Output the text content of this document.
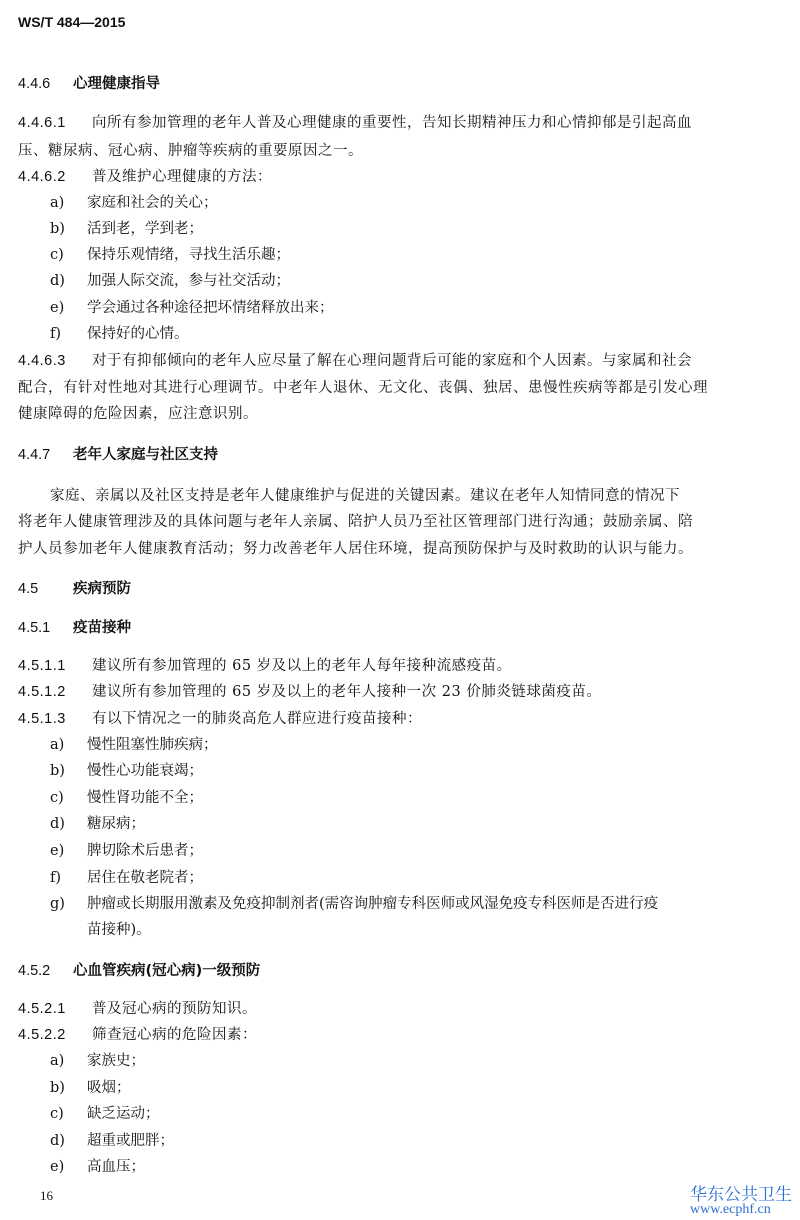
WS/T 484—2015
4.4.6 心理健康指导
4.4.6.1 向所有参加管理的老年人普及心理健康的重要性，告知长期精神压力和心情抑郁是引起高血
压、糖尿病、冠心病、肿瘤等疾病的重要原因之一。
4.4.6.2 普及维护心理健康的方法：
a) 家庭和社会的关心；
b) 活到老，学到老；
c) 保持乐观情绪，寻找生活乐趣；
d) 加强人际交流，参与社交活动；
e) 学会通过各种途径把坏情绪释放出来；
f) 保持好的心情。
4.4.6.3 对于有抑郁倾向的老年人应尽量了解在心理问题背后可能的家庭和个人因素。与家属和社会
配合，有针对性地对其进行心理调节。中老年人退休、无文化、丧偶、独居、患慢性疾病等都是引发心理
健康障碍的危险因素，应注意识别。
4.4.7 老年人家庭与社区支持
家庭、亲属以及社区支持是老年人健康维护与促进的关键因素。建议在老年人知情同意的情况下
将老年人健康管理涉及的具体问题与老年人亲属、陪护人员乃至社区管理部门进行沟通；鼓励亲属、陪
护人员参加老年人健康教育活动；努力改善老年人居住环境，提高预防保护与及时救助的认识与能力。
4.5 疾病预防
4.5.1 疫苗接种
4.5.1.1 建议所有参加管理的 65 岁及以上的老年人每年接种流感疫苗。
4.5.1.2 建议所有参加管理的 65 岁及以上的老年人接种一次 23 价肺炎链球菌疫苗。
4.5.1.3 有以下情况之一的肺炎高危人群应进行疫苗接种：
a) 慢性阻塞性肺疾病；
b) 慢性心功能衰竭；
c) 慢性肾功能不全；
d) 糖尿病；
e) 脾切除术后患者；
f) 居住在敬老院者；
g) 肿瘤或长期服用激素及免疫抑制剂者(需咨询肿瘤专科医师或风湿免疫专科医师是否进行疫
苗接种)。
4.5.2 心血管疾病(冠心病)一级预防
4.5.2.1 普及冠心病的预防知识。
4.5.2.2 筛查冠心病的危险因素：
a) 家族史；
b) 吸烟；
c) 缺乏运动；
d) 超重或肥胖；
e) 高血压；
16	华东公共卫生
www.ecphf.cn
